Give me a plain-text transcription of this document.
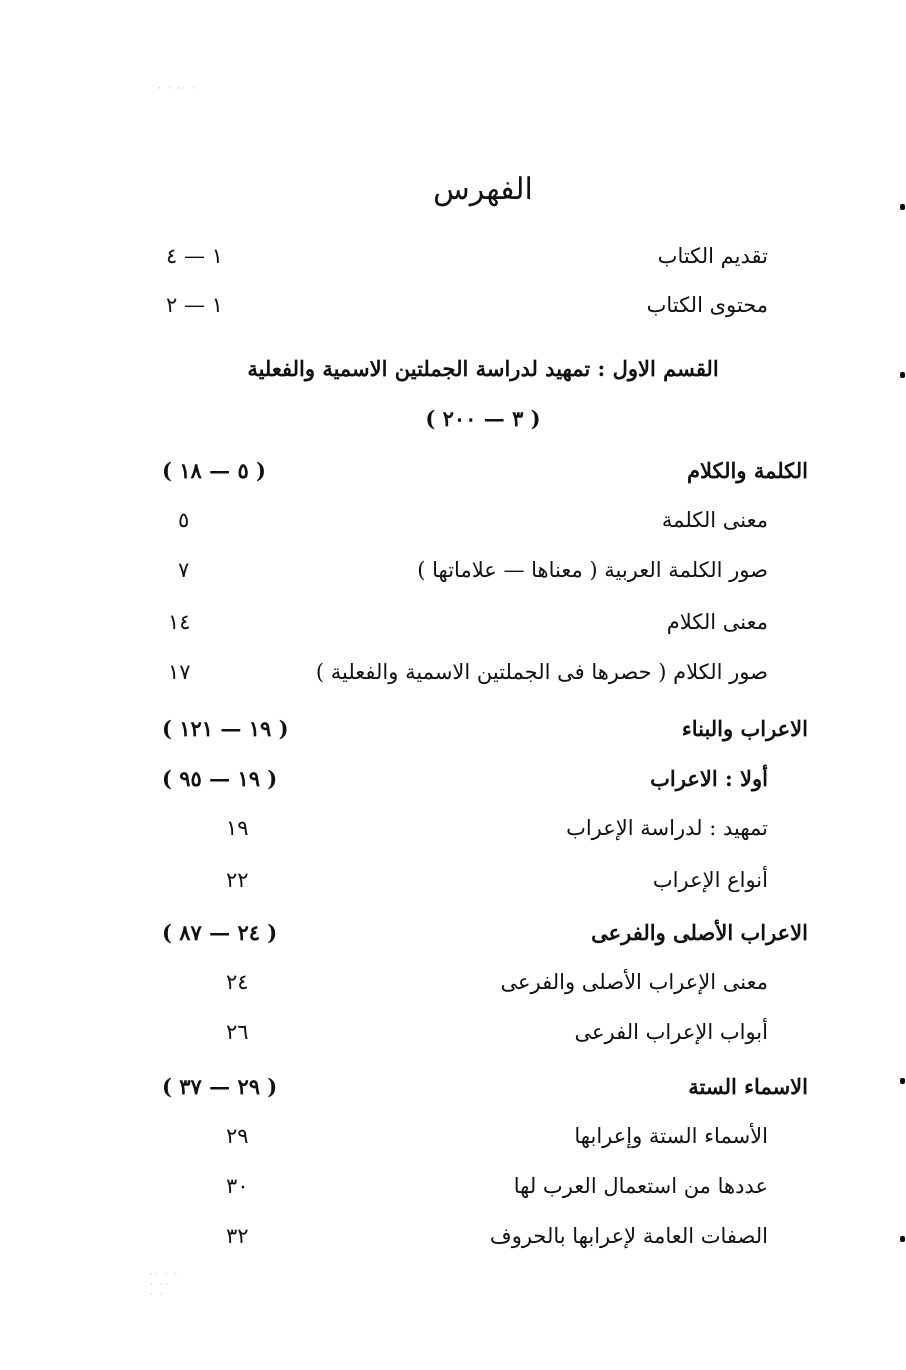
· · ·· ·
·· · ·
· ··
· ·
الفهرس
تقديم الكتاب
١ — ٤
محتوى الكتاب
١ — ٢
القسم الاول : تمهيد لدراسة الجملتين الاسمية والفعلية
( ٣ — ٢٠٠ )
الكلمة والكلام
( ٥ — ١٨ )
معنى الكلمة
٥
صور الكلمة العربية ( معناها — علاماتها )
٧
معنى الكلام
١٤
صور الكلام ( حصرها فى الجملتين الاسمية والفعلية )
١٧
الاعراب والبناء
( ١٩ — ١٢١ )
أولا : الاعراب
( ١٩ — ٩٥ )
تمهيد : لدراسة الإعراب
١٩
أنواع الإعراب
٢٢
الاعراب الأصلى والفرعى
( ٢٤ — ٨٧ )
معنى الإعراب الأصلى والفرعى
٢٤
أبواب الإعراب الفرعى
٢٦
الاسماء الستة
( ٢٩ — ٣٧ )
الأسماء الستة وإعرابها
٢٩
عددها من استعمال العرب لها
٣٠
الصفات العامة لإعرابها بالحروف
٣٢
